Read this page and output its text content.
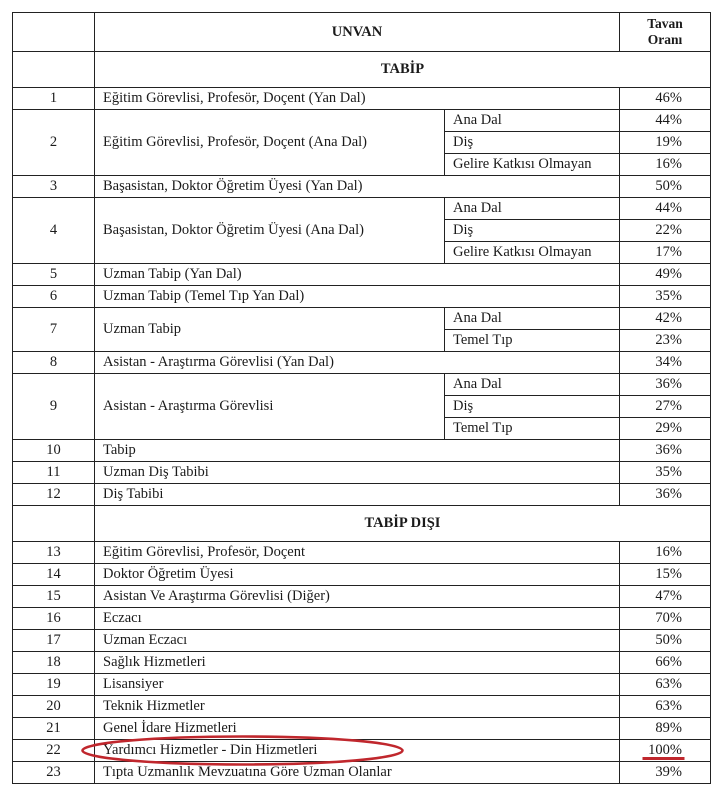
	UNVAN		Tavan Oranı

	TABİP		
1	Eğitim Görevlisi, Profesör, Doçent (Yan Dal)		46%
2	Eğitim Görevlisi, Profesör, Doçent (Ana Dal)	Ana Dal	44%
		Diş	19%
		Gelire Katkısı Olmayan	16%
3	Başasistan, Doktor Öğretim Üyesi (Yan Dal)		50%
4	Başasistan, Doktor Öğretim Üyesi (Ana Dal)	Ana Dal	44%
		Diş	22%
		Gelire Katkısı Olmayan	17%
5	Uzman Tabip (Yan Dal)		49%
6	Uzman Tabip (Temel Tıp Yan Dal)		35%
7	Uzman Tabip	Ana Dal	42%
		Temel Tıp	23%
8	Asistan - Araştırma Görevlisi (Yan Dal)		34%
9	Asistan - Araştırma Görevlisi	Ana Dal	36%
		Diş	27%
		Temel Tıp	29%
10	Tabip		36%
11	Uzman Diş Tabibi		35%
12	Diş Tabibi		36%
	TABİP DIŞI		
13	Eğitim Görevlisi, Profesör, Doçent		16%
14	Doktor Öğretim Üyesi		15%
15	Asistan Ve Araştırma Görevlisi (Diğer)		47%
16	Eczacı		70%
17	Uzman Eczacı		50%
18	Sağlık Hizmetleri		66%
19	Lisansiyer		63%
20	Teknik Hizmetler		63%
21	Genel İdare Hizmetleri		89%
22	Yardımcı Hizmetler - Din Hizmetleri		100%
23	Tıpta Uzmanlık Mevzuatına Göre Uzman Olanlar		39%
